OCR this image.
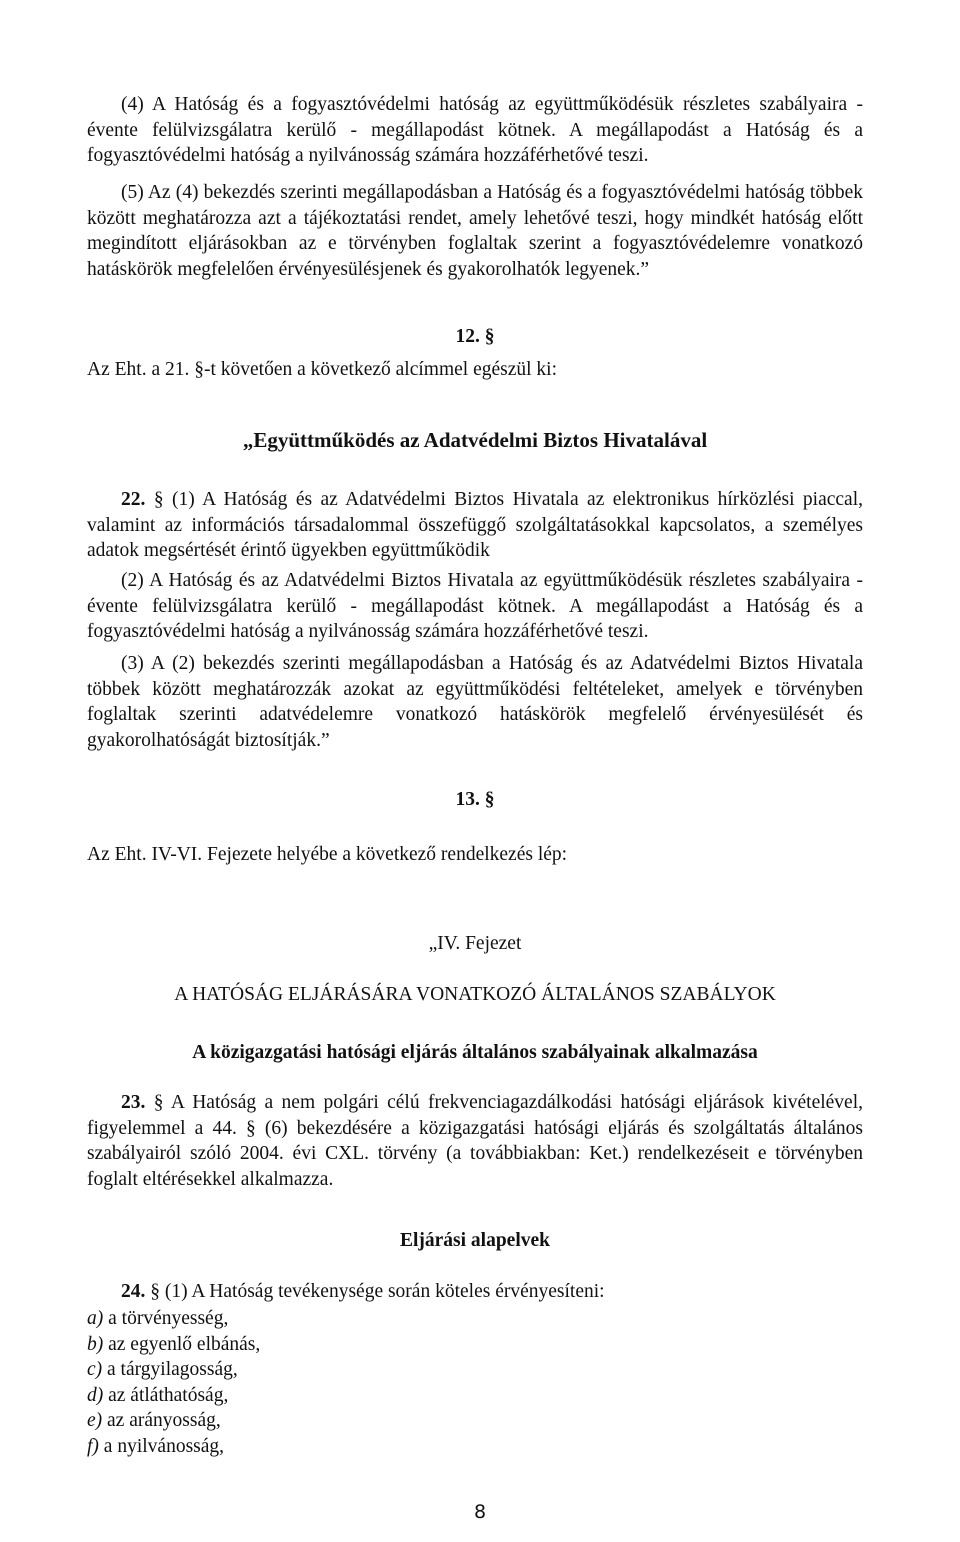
(4) A Hatóság és a fogyasztóvédelmi hatóság az együttműködésük részletes szabályaira - évente felülvizsgálatra kerülő - megállapodást kötnek. A megállapodást a Hatóság és a fogyasztóvédelmi hatóság a nyilvánosság számára hozzáférhetővé teszi.

(5) Az (4) bekezdés szerinti megállapodásban a Hatóság és a fogyasztóvédelmi hatóság többek között meghatározza azt a tájékoztatási rendet, amely lehetővé teszi, hogy mindkét hatóság előtt megindított eljárásokban az e törvényben foglaltak szerint a fogyasztóvédelemre vonatkozó hatáskörök megfelelően érvényesülésjenek és gyakorolhatók legyenek.”

12. §

Az Eht. a 21. §-t követően a következő alcímmel egészül ki:

„Együttműködés az Adatvédelmi Biztos Hivatalával

22. § (1) A Hatóság és az Adatvédelmi Biztos Hivatala az elektronikus hírközlési piaccal, valamint az információs társadalommal összefüggő szolgáltatásokkal kapcsolatos, a személyes adatok megsértését érintő ügyekben együttműködik

(2) A Hatóság és az Adatvédelmi Biztos Hivatala az együttműködésük részletes szabályaira - évente felülvizsgálatra kerülő - megállapodást kötnek. A megállapodást a Hatóság és a fogyasztóvédelmi hatóság a nyilvánosság számára hozzáférhetővé teszi.

(3) A (2) bekezdés szerinti megállapodásban a Hatóság és az Adatvédelmi Biztos Hivatala többek között meghatározzák azokat az együttműködési feltételeket, amelyek e törvényben foglaltak szerinti adatvédelemre vonatkozó hatáskörök megfelelő érvényesülését és gyakorolhatóságát biztosítják.”

13. §

Az Eht. IV-VI. Fejezete helyébe a következő rendelkezés lép:

„IV. Fejezet

A HATÓSÁG ELJÁRÁSÁRA VONATKOZÓ ÁLTALÁNOS SZABÁLYOK

A közigazgatási hatósági eljárás általános szabályainak alkalmazása

23. § A Hatóság a nem polgári célú frekvenciagazdálkodási hatósági eljárások kivételével, figyelemmel a 44. § (6) bekezdésére a közigazgatási hatósági eljárás és szolgáltatás általános szabályairól szóló 2004. évi CXL. törvény (a továbbiakban: Ket.) rendelkezéseit e törvényben foglalt eltérésekkel alkalmazza.

Eljárási alapelvek

24. § (1) A Hatóság tevékenysége során köteles érvényesíteni:
a) a törvényesség,
b) az egyenlő elbánás,
c) a tárgyilagosság,
d) az átláthatóság,
e) az arányosság,
f) a nyilvánosság,
8
